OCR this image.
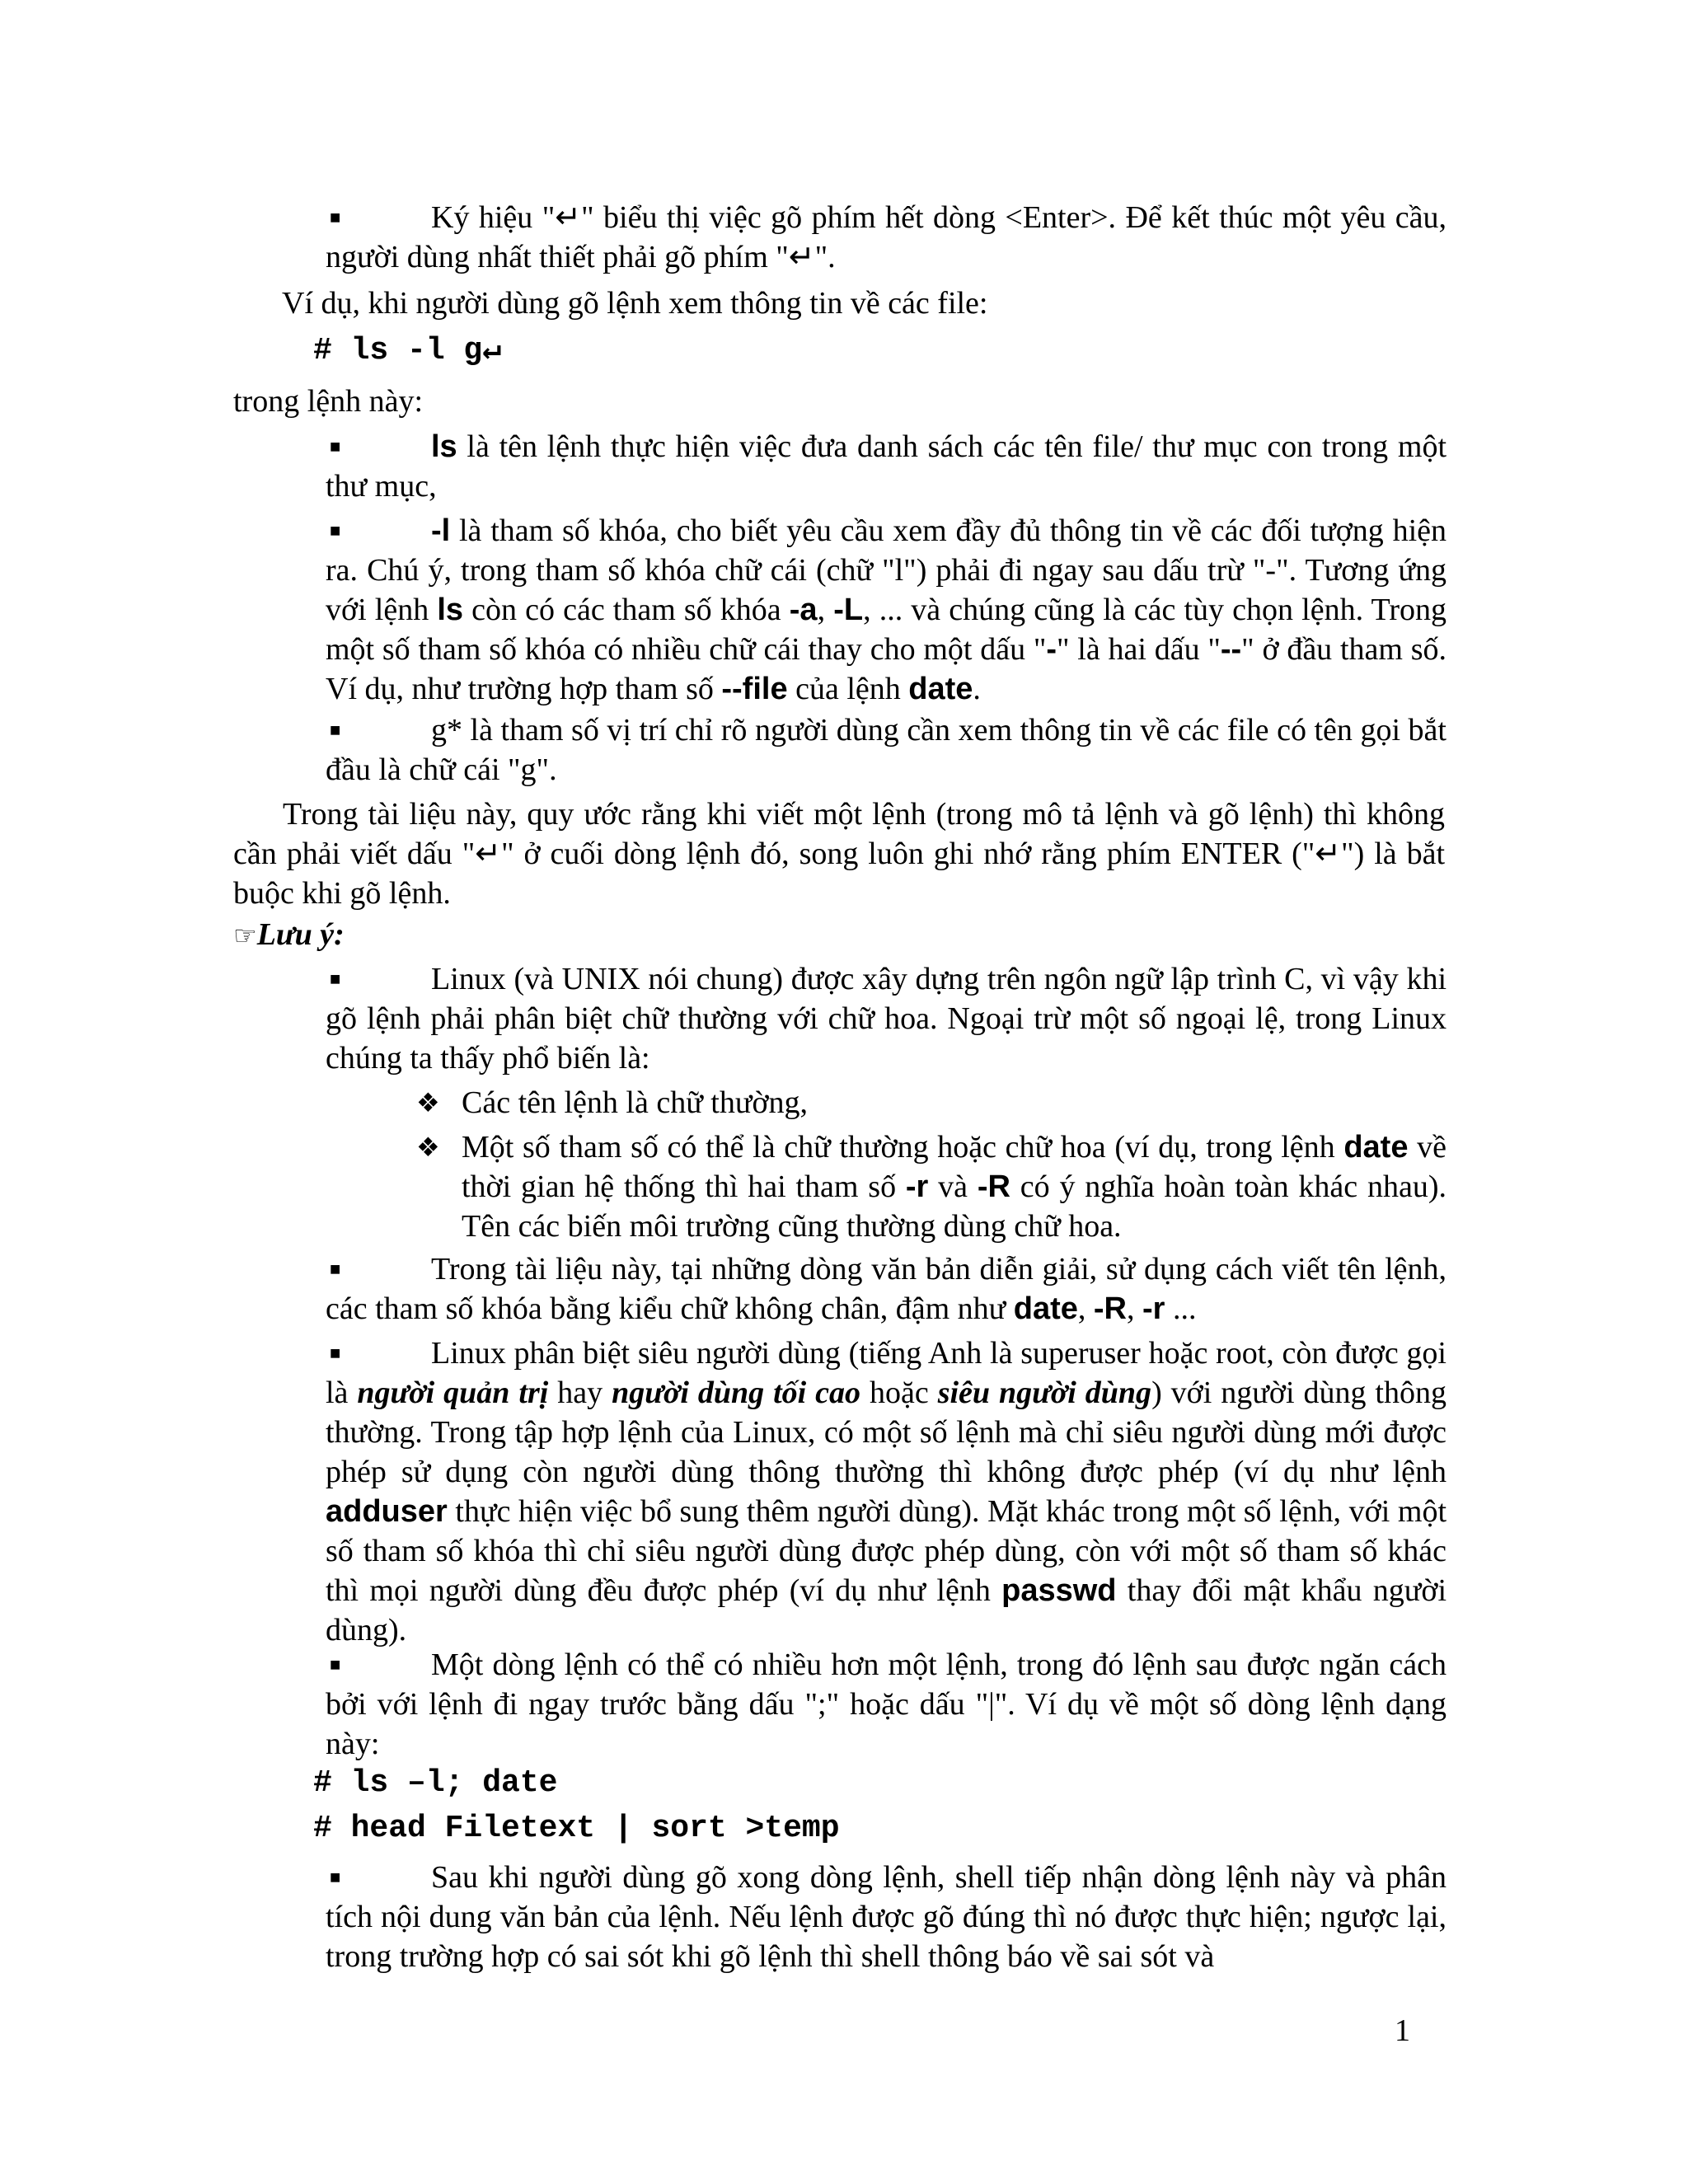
■	Ký hiệu "↵" biểu thị việc gõ phím hết dòng <Enter>. Để kết thúc một yêu cầu, người dùng nhất thiết phải gõ phím "↵".

Ví dụ, khi người dùng gõ lệnh xem thông tin về các file:

# ls -l g↵

trong lệnh này:

■	ls là tên lệnh thực hiện việc đưa danh sách các tên file/ thư mục con trong một thư mục,

■	-l là tham số khóa, cho biết yêu cầu xem đầy đủ thông tin về các đối tượng hiện ra. Chú ý, trong tham số khóa chữ cái (chữ "l") phải đi ngay sau dấu trừ "-". Tương ứng với lệnh ls còn có các tham số khóa -a, -L, ... và chúng cũng là các tùy chọn lệnh. Trong một số tham số khóa có nhiều chữ cái thay cho một dấu "-" là hai dấu "--" ở đầu tham số. Ví dụ, như trường hợp tham số --file của lệnh date.

■	g* là tham số vị trí chỉ rõ người dùng cần xem thông tin về các file có tên gọi bắt đầu là chữ cái "g".

Trong tài liệu này, quy ước rằng khi viết một lệnh (trong mô tả lệnh và gõ lệnh) thì không cần phải viết dấu "↵" ở cuối dòng lệnh đó, song luôn ghi nhớ rằng phím ENTER ("↵") là bắt buộc khi gõ lệnh.

☞Lưu ý:

■	Linux (và UNIX nói chung) được xây dựng trên ngôn ngữ lập trình C, vì vậy khi gõ lệnh phải phân biệt chữ thường với chữ hoa. Ngoại trừ một số ngoại lệ, trong Linux chúng ta thấy phổ biến là:

❖ Các tên lệnh là chữ thường,

❖ Một số tham số có thể là chữ thường hoặc chữ hoa (ví dụ, trong lệnh date về thời gian hệ thống thì hai tham số -r và -R có ý nghĩa hoàn toàn khác nhau). Tên các biến môi trường cũng thường dùng chữ hoa.

■	Trong tài liệu này, tại những dòng văn bản diễn giải, sử dụng cách viết tên lệnh, các tham số khóa bằng kiểu chữ không chân, đậm như date, -R, -r ...

■	Linux phân biệt siêu người dùng (tiếng Anh là superuser hoặc root, còn được gọi là người quản trị hay người dùng tối cao hoặc siêu người dùng) với người dùng thông thường. Trong tập hợp lệnh của Linux, có một số lệnh mà chỉ siêu người dùng mới được phép sử dụng còn người dùng thông thường thì không được phép (ví dụ như lệnh adduser thực hiện việc bổ sung thêm người dùng). Mặt khác trong một số lệnh, với một số tham số khóa thì chỉ siêu người dùng được phép dùng, còn với một số tham số khác thì mọi người dùng đều được phép (ví dụ như lệnh passwd thay đổi mật khẩu người dùng).

■	Một dòng lệnh có thể có nhiều hơn một lệnh, trong đó lệnh sau được ngăn cách bởi với lệnh đi ngay trước bằng dấu ";" hoặc dấu "|". Ví dụ về một số dòng lệnh dạng này:

# ls –l; date
# head Filetext | sort >temp
■	Sau khi người dùng gõ xong dòng lệnh, shell tiếp nhận dòng lệnh này và phân tích nội dung văn bản của lệnh. Nếu lệnh được gõ đúng thì nó được thực hiện; ngược lại, trong trường hợp có sai sót khi gõ lệnh thì shell thông báo về sai sót và

1
